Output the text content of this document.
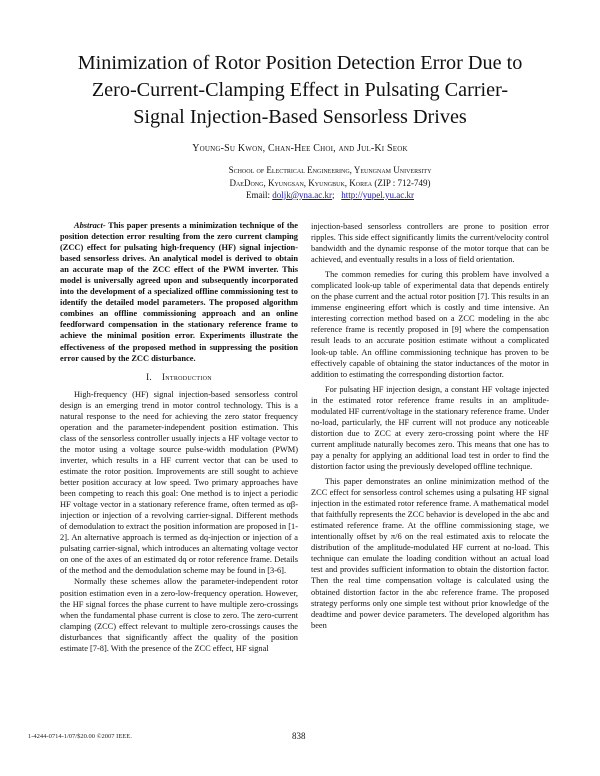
Minimization of Rotor Position Detection Error Due to
Zero-Current-Clamping Effect in Pulsating Carrier-
Signal Injection-Based Sensorless Drives
Young-Su Kwon, Chan-Hee Choi, and Jul-Ki Seok
School of Electrical Engineering, Yeungnam University
DaeDong, Kyungsan, Kyungbuk, Korea (ZIP : 712-749)
Email: doljk@yna.ac.kr; http://yupel.yu.ac.kr
Abstract- This paper presents a minimization technique of the position detection error resulting from the zero current clamping (ZCC) effect for pulsating high-frequency (HF) signal injection-based sensorless drives. An analytical model is derived to obtain an accurate map of the ZCC effect of the PWM inverter. This model is universally agreed upon and subsequently incorporated into the development of a specialized offline commissioning test to identify the detailed model parameters. The proposed algorithm combines an offline commissioning approach and an online feedforward compensation in the stationary reference frame to achieve the minimal position error. Experiments illustrate the effectiveness of the proposed method in suppressing the position error caused by the ZCC disturbance.
I. Introduction

High-frequency (HF) signal injection-based sensorless control design is an emerging trend in motor control technology. This is a natural response to the need for achieving the zero stator frequency operation and the parameter-independent position estimation. This class of the sensorless controller usually injects a HF voltage vector to the motor using a voltage source pulse-width modulation (PWM) inverter, which results in a HF current vector that can be used to estimate the rotor position. Improvements are still sought to achieve better position accuracy at low speed. Two primary approaches have been competing to reach this goal: One method is to inject a periodic HF voltage vector in a stationary reference frame, often termed as αβ-injection or injection of a revolving carrier-signal. Different methods of demodulation to extract the position information are proposed in [1-2]. An alternative approach is termed as dq-injection or injection of a pulsating carrier-signal, which introduces an alternating voltage vector on one of the axes of an estimated dq or rotor reference frame. Details of the method and the demodulation scheme may be found in [3-6].

Normally these schemes allow the parameter-independent rotor position estimation even in a zero-low-frequency operation. However, the HF signal forces the phase current to have multiple zero-crossings when the fundamental phase current is close to zero. The zero-current clamping (ZCC) effect relevant to multiple zero-crossings causes the disturbances that significantly affect the quality of the position estimate [7-8]. With the presence of the ZCC effect, HF signal

injection-based sensorless controllers are prone to position error ripples. This side effect significantly limits the current/velocity control bandwidth and the dynamic response of the motor torque that can be achieved, and eventually results in a loss of field orientation.

The common remedies for curing this problem have involved a complicated look-up table of experimental data that depends entirely on the phase current and the actual rotor position [7]. This results in an immense engineering effort which is costly and time intensive. An interesting correction method based on a ZCC modeling in the abc reference frame is recently proposed in [9] where the compensation result leads to an accurate position estimate without a complicated look-up table. An offline commissioning technique has proven to be effectively capable of obtaining the stator inductances of the motor in addition to estimating the corresponding distortion factor.

For pulsating HF injection design, a constant HF voltage injected in the estimated rotor reference frame results in an amplitude-modulated HF current/voltage in the stationary reference frame. Under no-load, particularly, the HF current will not produce any noticeable distortion due to ZCC at every zero-crossing point where the HF current amplitude naturally becomes zero. This means that one has to pay a penalty for applying an additional load test in order to find the distortion factor using the previously developed offline technique.

This paper demonstrates an online minimization method of the ZCC effect for sensorless control schemes using a pulsating HF signal injection in the estimated rotor reference frame. A mathematical model that faithfully represents the ZCC behavior is developed in the abc and estimated reference frame. At the offline commissioning stage, we intentionally offset by π/6 on the real estimated axis to relocate the distribution of the amplitude-modulated HF current at no-load. This technique can emulate the loading condition without an actual load test and provides sufficient information to obtain the distortion factor. Then the real time compensation voltage is calculated using the obtained distortion factor in the abc reference frame. The proposed strategy performs only one simple test without prior knowledge of the deadtime and power device parameters. The developed algorithm has been

1-4244-0714-1/07/$20.00 ©2007 IEEE.	838
